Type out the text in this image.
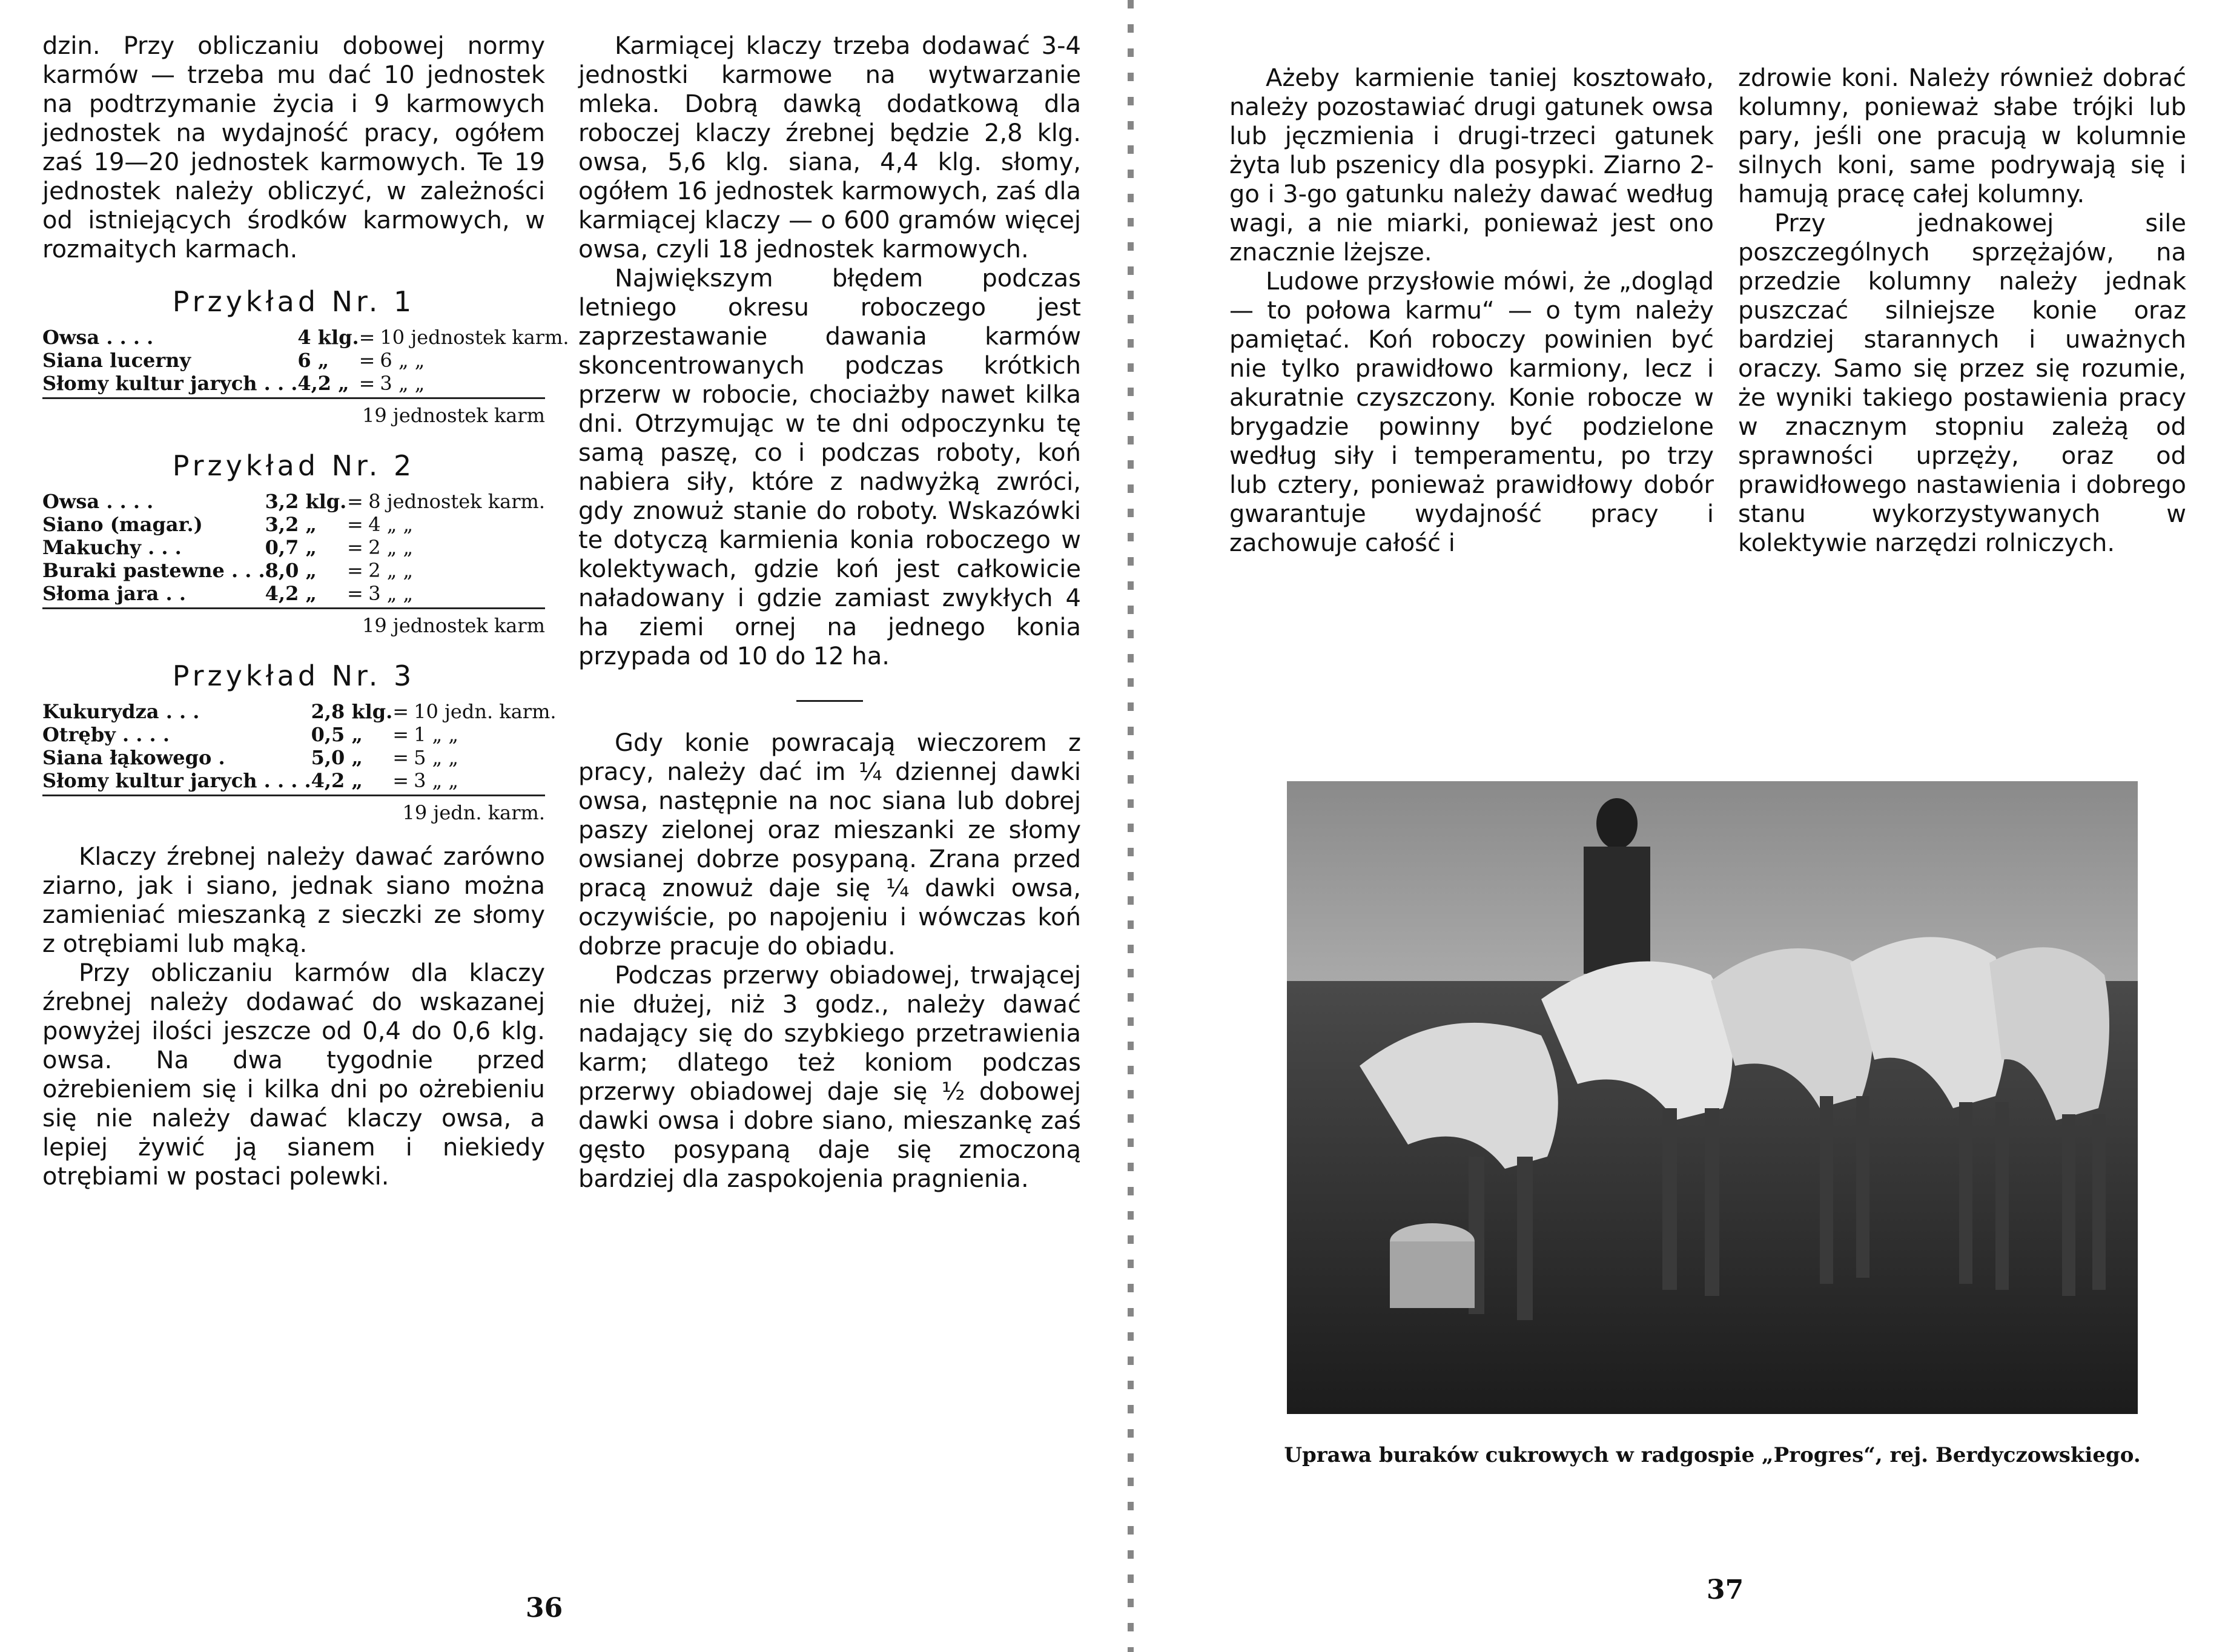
dzin. Przy obliczaniu dobowej normy karmów — trzeba mu dać 10 jednostek na podtrzymanie życia i 9 karmowych jednostek na wydajność pracy, ogółem zaś 19—20 jednostek karmowych. Te 19 jednostek należy obliczyć, w zależności od istniejących środków karmowych, w rozmaitych karmach.

Przykład Nr. 1
Owsa . . . .	4 klg.	=	10 jednostek karm.
Siana lucerny	6 „	=	6 „ „
Słomy kultur jarych . . .	4,2 „	=	3 „ „
19 jednostek karm
Przykład Nr. 2
Owsa . . . .	3,2 klg.	=	8 jednostek karm.
Siano (magar.)	3,2 „	=	4 „ „
Makuchy . . .	0,7 „	=	2 „ „
Buraki pastewne . . .	8,0 „	=	2 „ „
Słoma jara . .	4,2 „	=	3 „ „
19 jednostek karm
Przykład Nr. 3
Kukurydza . . .	2,8 klg.	=	10 jedn. karm.
Otręby . . . .	0,5 „	=	1 „ „
Siana łąkowego .	5,0 „	=	5 „ „
Słomy kultur jarych . . . .	4,2 „	=	3 „ „
19 jedn. karm.

Klaczy źrebnej należy dawać zarówno ziarno, jak i siano, jednak siano można zamieniać mieszanką z sieczki ze słomy z otrębiami lub mąką.

Przy obliczaniu karmów dla klaczy źrebnej należy dodawać do wskazanej powyżej ilości jeszcze od 0,4 do 0,6 klg. owsa. Na dwa tygodnie przed ożrebieniem się i kilka dni po ożrebieniu się nie należy dawać klaczy owsa, a lepiej żywić ją sianem i niekiedy otrębiami w postaci polewki.

Karmiącej klaczy trzeba dodawać 3-4 jednostki karmowe na wytwarzanie mleka. Dobrą dawką dodatkową dla roboczej klaczy źrebnej będzie 2,8 klg. owsa, 5,6 klg. siana, 4,4 klg. słomy, ogółem 16 jednostek karmowych, zaś dla karmiącej klaczy — o 600 gramów więcej owsa, czyli 18 jednostek karmowych.

Największym błędem podczas letniego okresu roboczego jest zaprzestawanie dawania karmów skoncentrowanych podczas krótkich przerw w robocie, chociażby nawet kilka dni. Otrzymując w te dni odpoczynku tę samą paszę, co i podczas roboty, koń nabiera siły, które z nadwyżką zwróci, gdy znowuż stanie do roboty. Wskazówki te dotyczą karmienia konia roboczego w kolektywach, gdzie koń jest całkowicie naładowany i gdzie zamiast zwykłych 4 ha ziemi ornej na jednego konia przypada od 10 do 12 ha.

Gdy konie powracają wieczorem z pracy, należy dać im ¼ dziennej dawki owsa, następnie na noc siana lub dobrej paszy zielonej oraz mieszanki ze słomy owsianej dobrze posypaną. Zrana przed pracą znowuż daje się ¼ dawki owsa, oczywiście, po napojeniu i wówczas koń dobrze pracuje do obiadu.

Podczas przerwy obiadowej, trwającej nie dłużej, niż 3 godz., należy dawać nadający się do szybkiego przetrawienia karm; dlatego też koniom podczas przerwy obiadowej daje się ½ dobowej dawki owsa i dobre siano, mieszankę zaś gęsto posypaną daje się zmoczoną bardziej dla zaspokojenia pragnienia.

36

Ażeby karmienie taniej kosztowało, należy pozostawiać drugi gatunek owsa lub jęczmienia i drugi-trzeci gatunek żyta lub pszenicy dla posypki. Ziarno 2-go i 3-go gatunku należy dawać według wagi, a nie miarki, ponieważ jest ono znacznie lżejsze.

Ludowe przysłowie mówi, że „dogląd — to połowa karmu“ — o tym należy pamiętać. Koń roboczy powinien być nie tylko prawidłowo karmiony, lecz i akuratnie czyszczony. Konie robocze w brygadzie powinny być podzielone według siły i temperamentu, po trzy lub cztery, ponieważ prawidłowy dobór gwarantuje wydajność pracy i zachowuje całość i

zdrowie koni. Należy również dobrać kolumny, ponieważ słabe trójki lub pary, jeśli one pracują w kolumnie silnych koni, same podrywają się i hamują pracę całej kolumny.

Przy jednakowej sile poszczególnych sprzężajów, na przedzie kolumny należy jednak puszczać silniejsze konie oraz bardziej starannych i uważnych oraczy. Samo się przez się rozumie, że wyniki takiego postawienia pracy w znacznym stopniu zależą od sprawności uprzęży, oraz od prawidłowego nastawienia i dobrego stanu wykorzystywanych w kolektywie narzędzi rolniczych.

Uprawa buraków cukrowych w radgospie „Progres“, rej. Berdyczowskiego.
37
